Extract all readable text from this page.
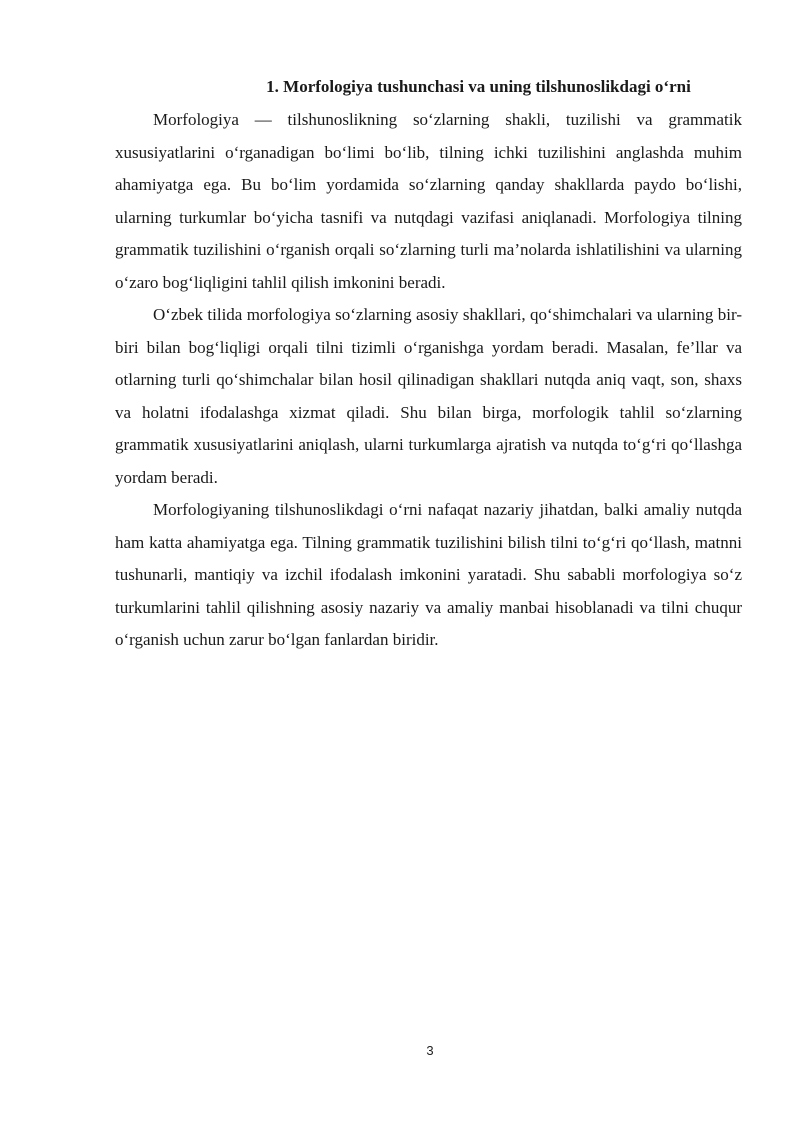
1. Morfologiya tushunchasi va uning tilshunoslikdagi o‘rni

Morfologiya — tilshunoslikning so‘zlarning shakli, tuzilishi va grammatik xususiyatlarini o‘rganadigan bo‘limi bo‘lib, tilning ichki tuzilishini anglashda muhim ahamiyatga ega. Bu bo‘lim yordamida so‘zlarning qanday shakllarda paydo bo‘lishi, ularning turkumlar bo‘yicha tasnifi va nutqdagi vazifasi aniqlanadi. Morfologiya tilning grammatik tuzilishini o‘rganish orqali so‘zlarning turli ma’nolarda ishlatilishini va ularning o‘zaro bog‘liqligini tahlil qilish imkonini beradi.

O‘zbek tilida morfologiya so‘zlarning asosiy shakllari, qo‘shimchalari va ularning bir-biri bilan bog‘liqligi orqali tilni tizimli o‘rganishga yordam beradi. Masalan, fe’llar va otlarning turli qo‘shimchalar bilan hosil qilinadigan shakllari nutqda aniq vaqt, son, shaxs va holatni ifodalashga xizmat qiladi. Shu bilan birga, morfologik tahlil so‘zlarning grammatik xususiyatlarini aniqlash, ularni turkumlarga ajratish va nutqda to‘g‘ri qo‘llashga yordam beradi.

Morfologiyaning tilshunoslikdagi o‘rni nafaqat nazariy jihatdan, balki amaliy nutqda ham katta ahamiyatga ega. Tilning grammatik tuzilishini bilish tilni to‘g‘ri qo‘llash, matnni tushunarli, mantiqiy va izchil ifodalash imkonini yaratadi. Shu sababli morfologiya so‘z turkumlarini tahlil qilishning asosiy nazariy va amaliy manbai hisoblanadi va tilni chuqur o‘rganish uchun zarur bo‘lgan fanlardan biridir.

3
